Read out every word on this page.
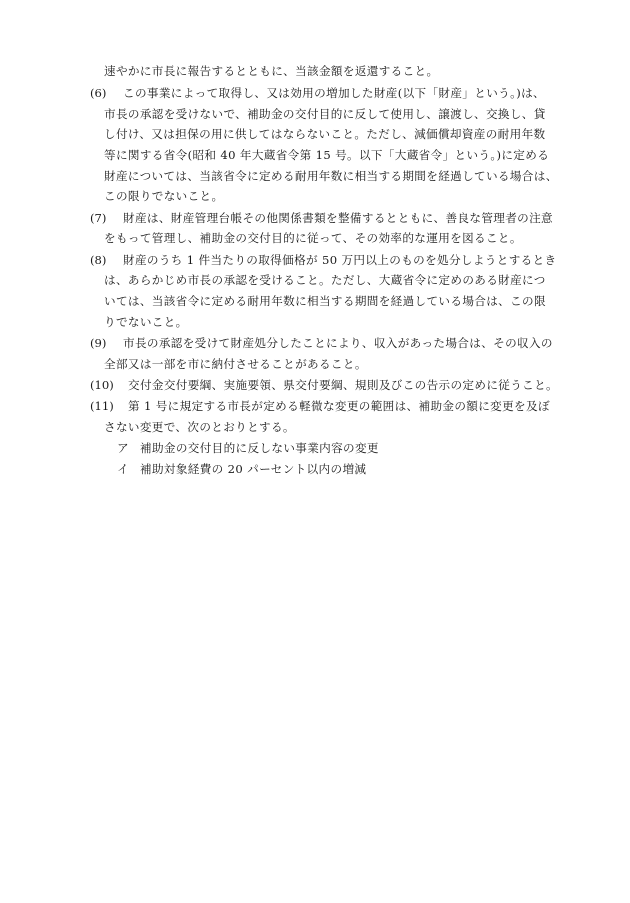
速やかに市長に報告するとともに、当該金額を返還すること。
(6) この事業によって取得し、又は効用の増加した財産(以下「財産」という。)は、
市長の承認を受けないで、補助金の交付目的に反して使用し、譲渡し、交換し、貸
し付け、又は担保の用に供してはならないこと。ただし、減価償却資産の耐用年数
等に関する省令(昭和 40 年大蔵省令第 15 号。以下「大蔵省令」という。)に定める
財産については、当該省令に定める耐用年数に相当する期間を経過している場合は、
この限りでないこと。
(7) 財産は、財産管理台帳その他関係書類を整備するとともに、善良な管理者の注意
をもって管理し、補助金の交付目的に従って、その効率的な運用を図ること。
(8) 財産のうち 1 件当たりの取得価格が 50 万円以上のものを処分しようとするとき
は、あらかじめ市長の承認を受けること。ただし、大蔵省令に定めのある財産につ
いては、当該省令に定める耐用年数に相当する期間を経過している場合は、この限
りでないこと。
(9) 市長の承認を受けて財産処分したことにより、収入があった場合は、その収入の
全部又は一部を市に納付させることがあること。
(10) 交付金交付要綱、実施要領、県交付要綱、規則及びこの告示の定めに従うこと。
(11) 第 1 号に規定する市長が定める軽微な変更の範囲は、補助金の額に変更を及ぼ
さない変更で、次のとおりとする。
ア 補助金の交付目的に反しない事業内容の変更
イ 補助対象経費の 20 パーセント以内の増減
